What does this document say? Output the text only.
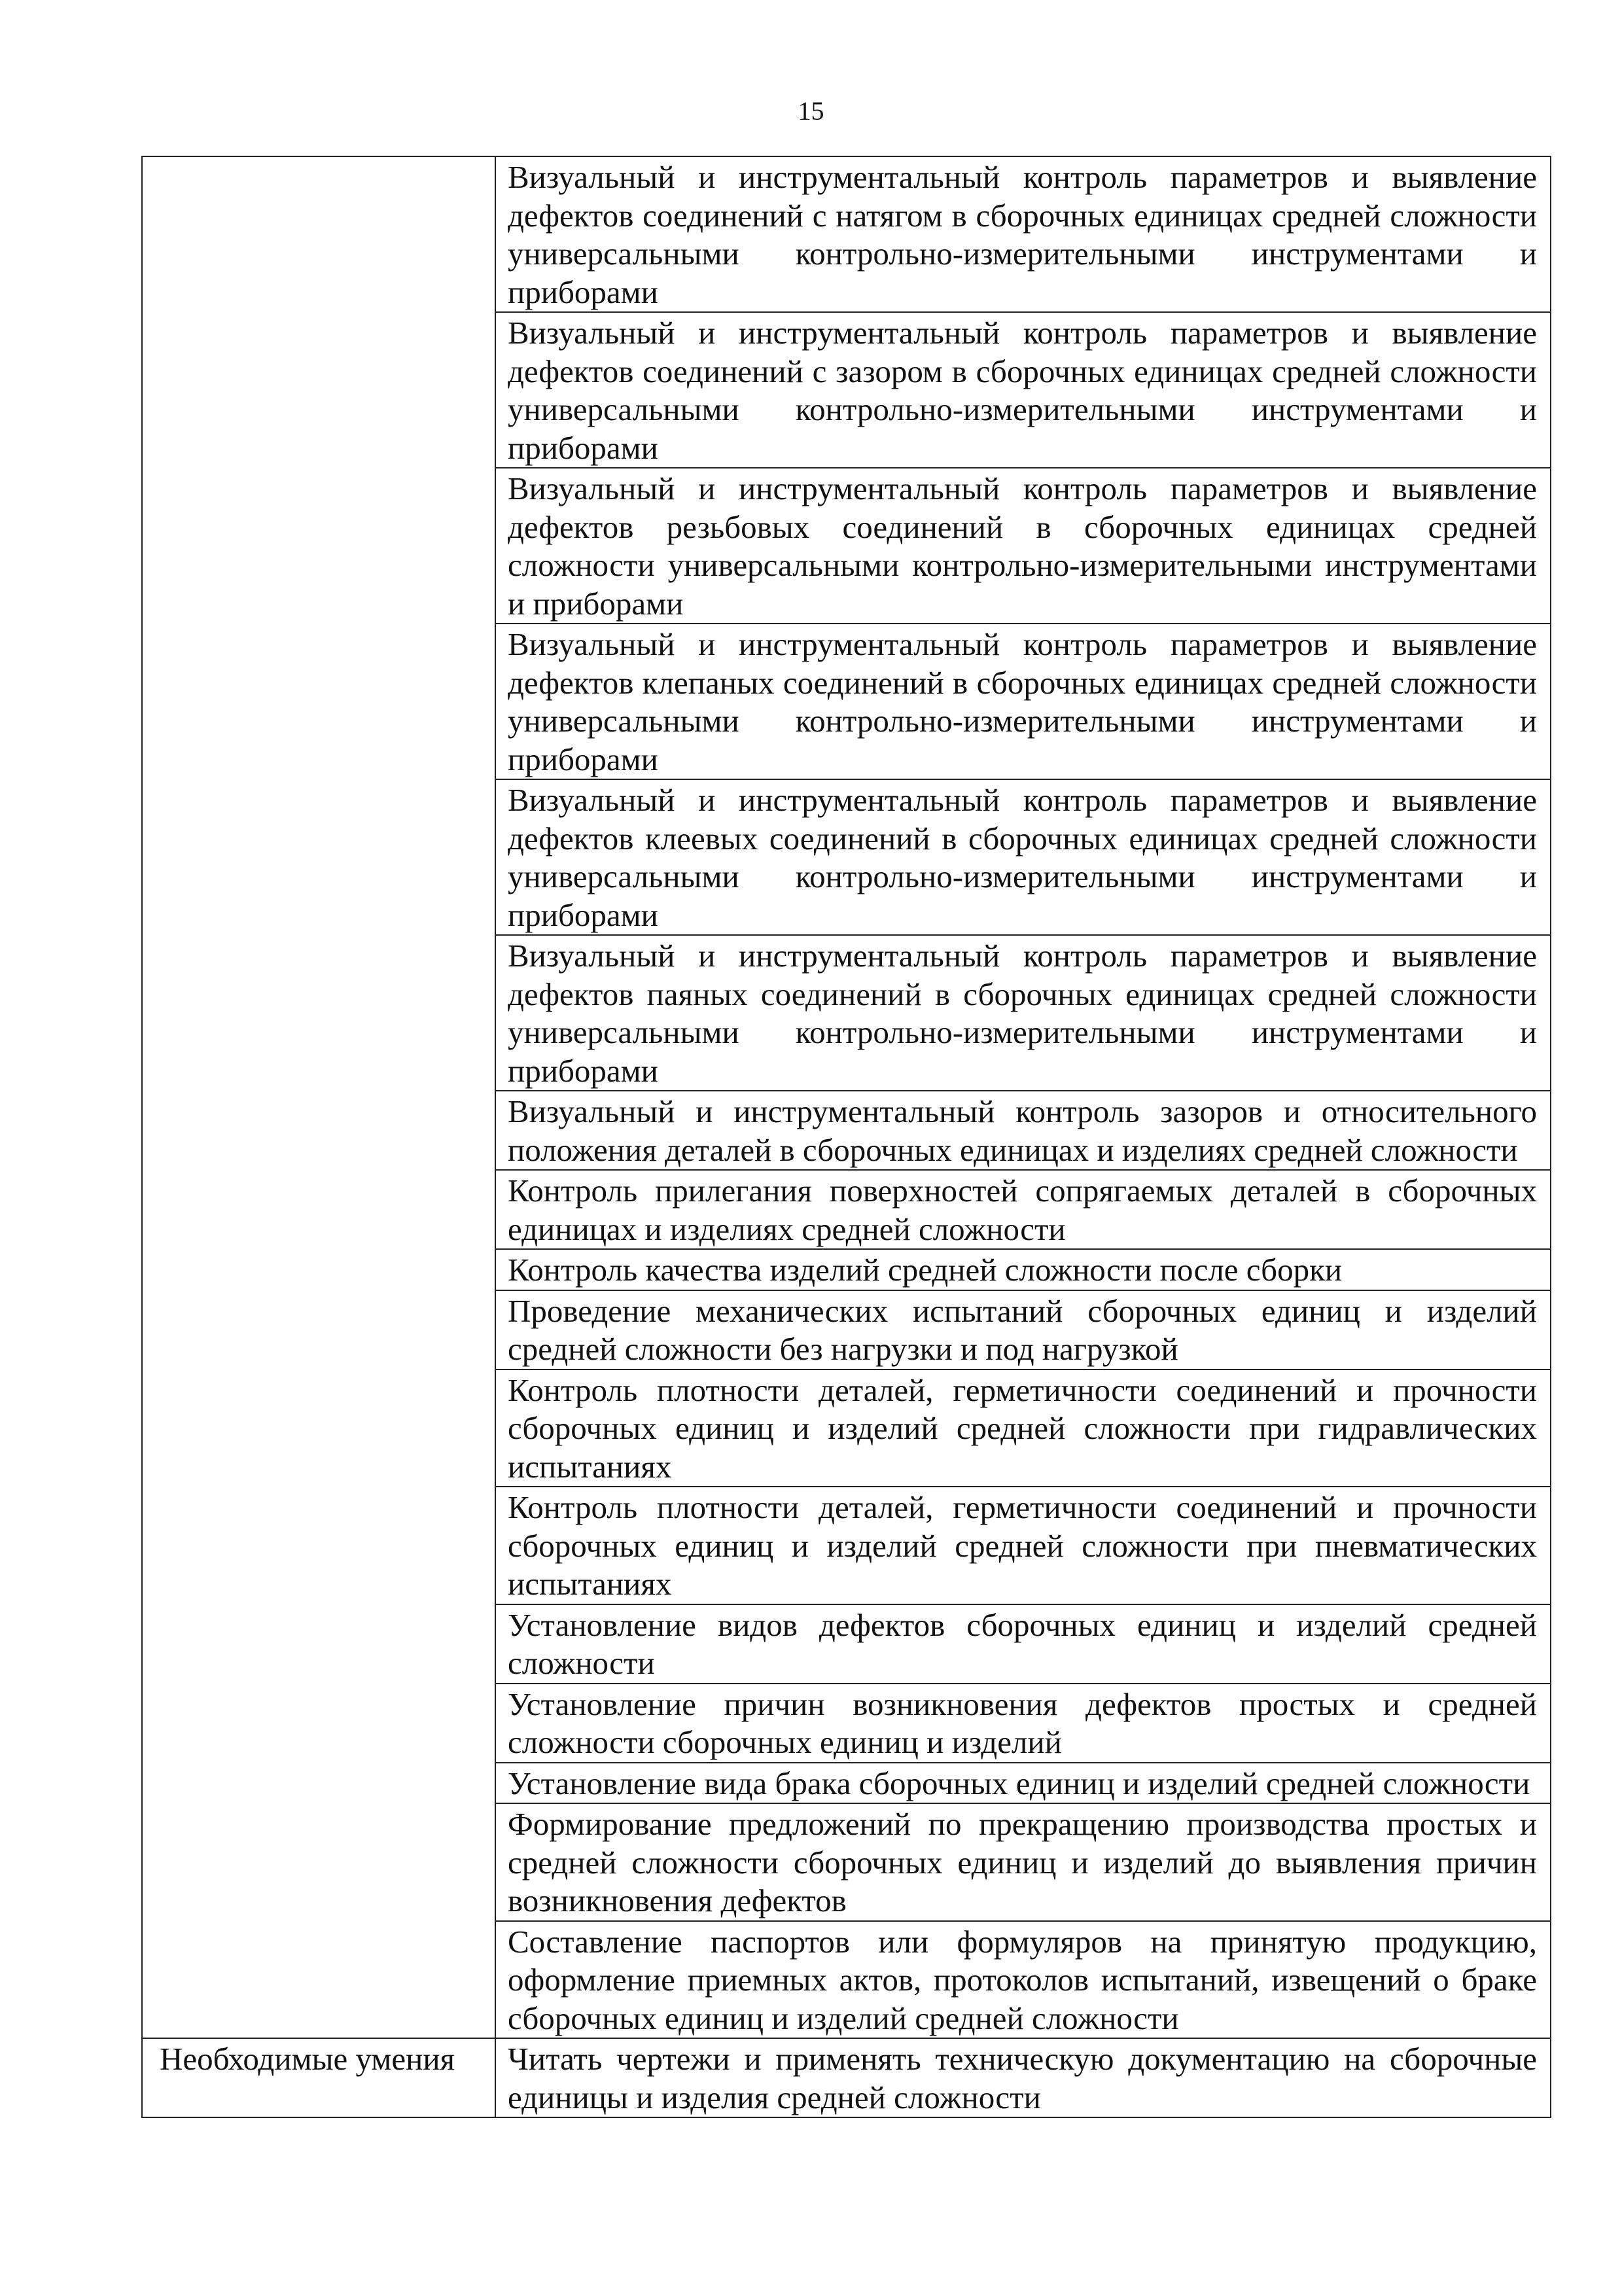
15

	Визуальный и инструментальный контроль параметров и выявление дефектов соединений с натягом в сборочных единицах средней сложности универсальными контрольно-измерительными инструментами и приборами

	Визуальный и инструментальный контроль параметров и выявление дефектов соединений с зазором в сборочных единицах средней сложности универсальными контрольно-измерительными инструментами и приборами

	Визуальный и инструментальный контроль параметров и выявление дефектов резьбовых соединений в сборочных единицах средней сложности универсальными контрольно-измерительными инструментами и приборами

	Визуальный и инструментальный контроль параметров и выявление дефектов клепаных соединений в сборочных единицах средней сложности универсальными контрольно-измерительными инструментами и приборами

	Визуальный и инструментальный контроль параметров и выявление дефектов клеевых соединений в сборочных единицах средней сложности универсальными контрольно-измерительными инструментами и приборами

	Визуальный и инструментальный контроль параметров и выявление дефектов паяных соединений в сборочных единицах средней сложности универсальными контрольно-измерительными инструментами и приборами

	Визуальный и инструментальный контроль зазоров и относительного положения деталей в сборочных единицах и изделиях средней сложности

	Контроль прилегания поверхностей сопрягаемых деталей в сборочных единицах и изделиях средней сложности

	Контроль качества изделий средней сложности после сборки

	Проведение механических испытаний сборочных единиц и изделий средней сложности без нагрузки и под нагрузкой

	Контроль плотности деталей, герметичности соединений и прочности сборочных единиц и изделий средней сложности при гидравлических испытаниях

	Контроль плотности деталей, герметичности соединений и прочности сборочных единиц и изделий средней сложности при пневматических испытаниях

	Установление видов дефектов сборочных единиц и изделий средней сложности

	Установление причин возникновения дефектов простых и средней сложности сборочных единиц и изделий

	Установление вида брака сборочных единиц и изделий средней сложности

	Формирование предложений по прекращению производства простых и средней сложности сборочных единиц и изделий до выявления причин возникновения дефектов

	Составление паспортов или формуляров на принятую продукцию, оформление приемных актов, протоколов испытаний, извещений о браке сборочных единиц и изделий средней сложности

Необходимые умения	Читать чертежи и применять техническую документацию на сборочные единицы и изделия средней сложности
